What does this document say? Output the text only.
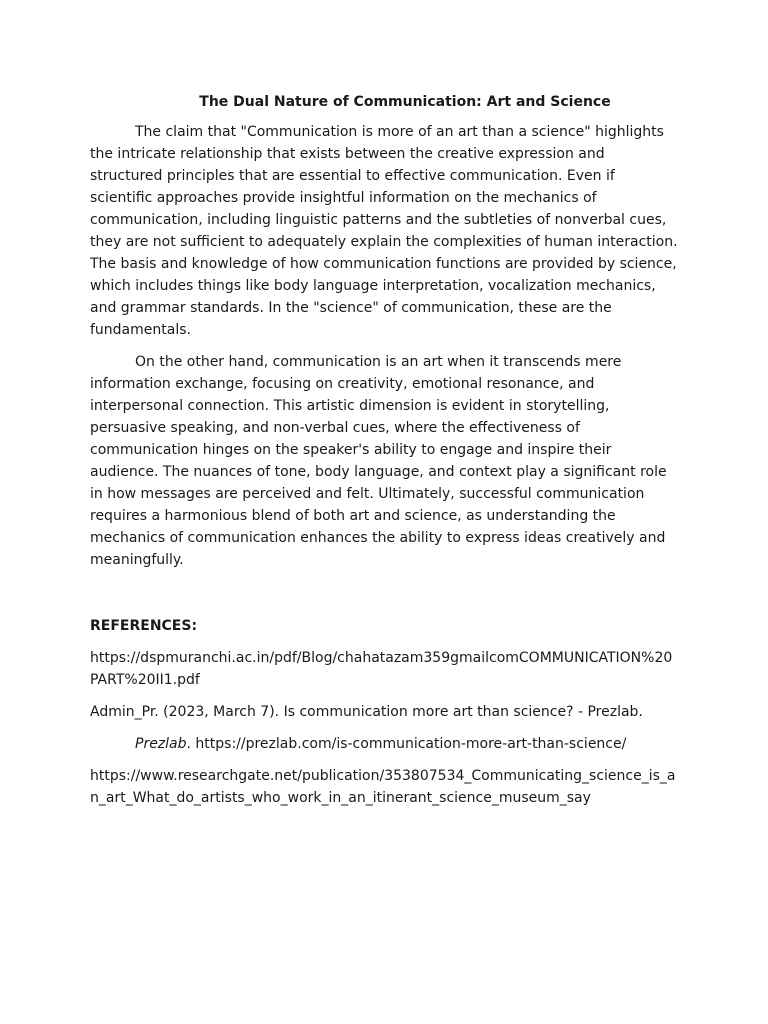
The Dual Nature of Communication: Art and Science

The claim that "Communication is more of an art than a science" highlights the intricate relationship that exists between the creative expression and structured principles that are essential to effective communication. Even if scientific approaches provide insightful information on the mechanics of communication, including linguistic patterns and the subtleties of nonverbal cues, they are not sufficient to adequately explain the complexities of human interaction. The basis and knowledge of how communication functions are provided by science, which includes things like body language interpretation, vocalization mechanics, and grammar standards. In the "science" of communication, these are the fundamentals.

On the other hand, communication is an art when it transcends mere information exchange, focusing on creativity, emotional resonance, and interpersonal connection. This artistic dimension is evident in storytelling, persuasive speaking, and non-verbal cues, where the effectiveness of communication hinges on the speaker's ability to engage and inspire their audience. The nuances of tone, body language, and context play a significant role in how messages are perceived and felt. Ultimately, successful communication requires a harmonious blend of both art and science, as understanding the mechanics of communication enhances the ability to express ideas creatively and meaningfully.

REFERENCES:

https://dspmuranchi.ac.in/pdf/Blog/chahatazam359gmailcomCOMMUNICATION%20PART%20II1.pdf

Admin_Pr. (2023, March 7). Is communication more art than science? - Prezlab.

Prezlab. https://prezlab.com/is-communication-more-art-than-science/

https://www.researchgate.net/publication/353807534_Communicating_science_is_an_art_What_do_artists_who_work_in_an_itinerant_science_museum_say
